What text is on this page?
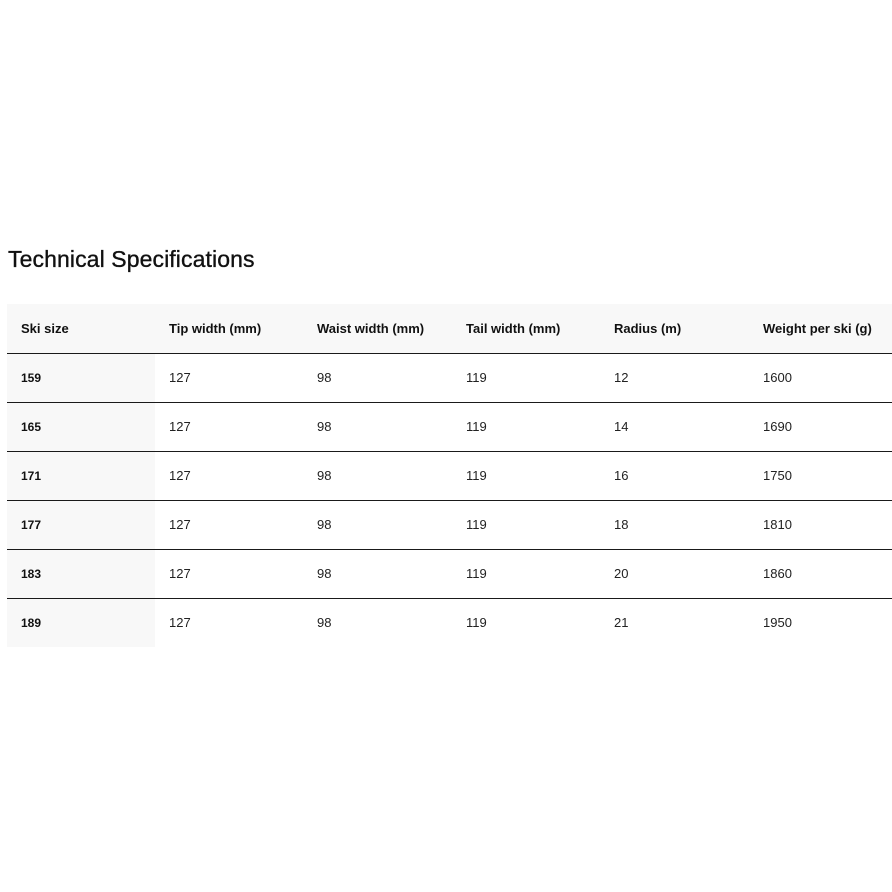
Technical Specifications
Ski size	Tip width (mm)	Waist width (mm)	Tail width (mm)	Radius (m)	Weight per ski (g)
159	127	98	119	12	1600
165	127	98	119	14	1690
171	127	98	119	16	1750
177	127	98	119	18	1810
183	127	98	119	20	1860
189	127	98	119	21	1950
